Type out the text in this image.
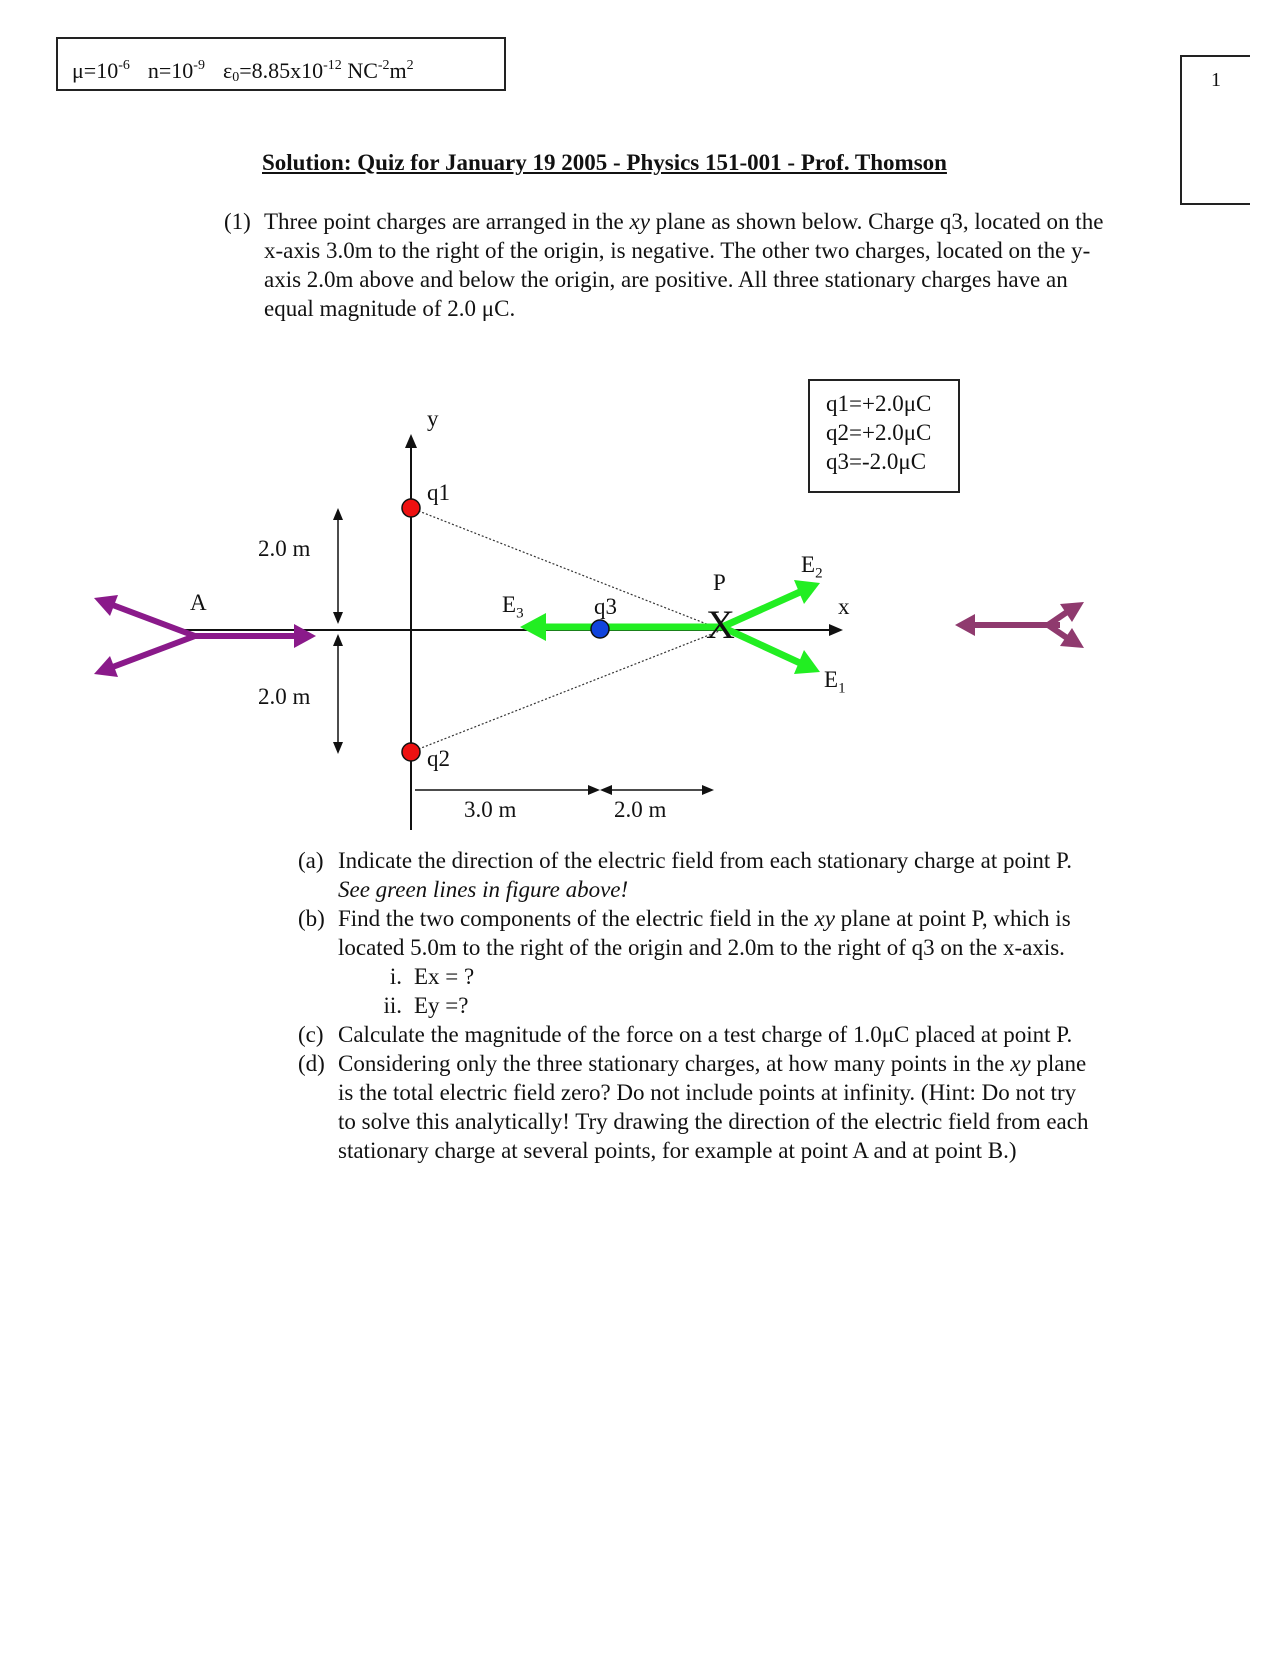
$\mu=10^{-6}$ $n=10^{-9}$ $\varepsilon_0=8.85x10^{-12}$ $NC^{-2}m^2$
1
Solution: Quiz for January 19 2005 - Physics 151-001 - Prof. Thomson
(1) Three point charges are arranged in the xy plane as shown below. Charge q3, located on the x-axis 3.0m to the right of the origin, is negative. The other two charges, located on the y-axis 2.0m above and below the origin, are positive. All three stationary charges have an equal magnitude of 2.0 μC.
y
x
q1
q2
q3
P
X
A
2.0 m
2.0 m
3.0 m	2.0 m
$E_3$
$E_2$
$E_1$
q1=+2.0μC
q2=+2.0μC
q3=-2.0μC
(a) Indicate the direction of the electric field from each stationary charge at point P. See green lines in figure above!
(b) Find the two components of the electric field in the xy plane at point P, which is located 5.0m to the right of the origin and 2.0m to the right of q3 on the x-axis.
i. Ex = ?
ii. Ey =?
(c) Calculate the magnitude of the force on a test charge of 1.0μC placed at point P.
(d) Considering only the three stationary charges, at how many points in the xy plane is the total electric field zero? Do not include points at infinity. (Hint: Do not try to solve this analytically! Try drawing the direction of the electric field from each stationary charge at several points, for example at point A and at point B.)
